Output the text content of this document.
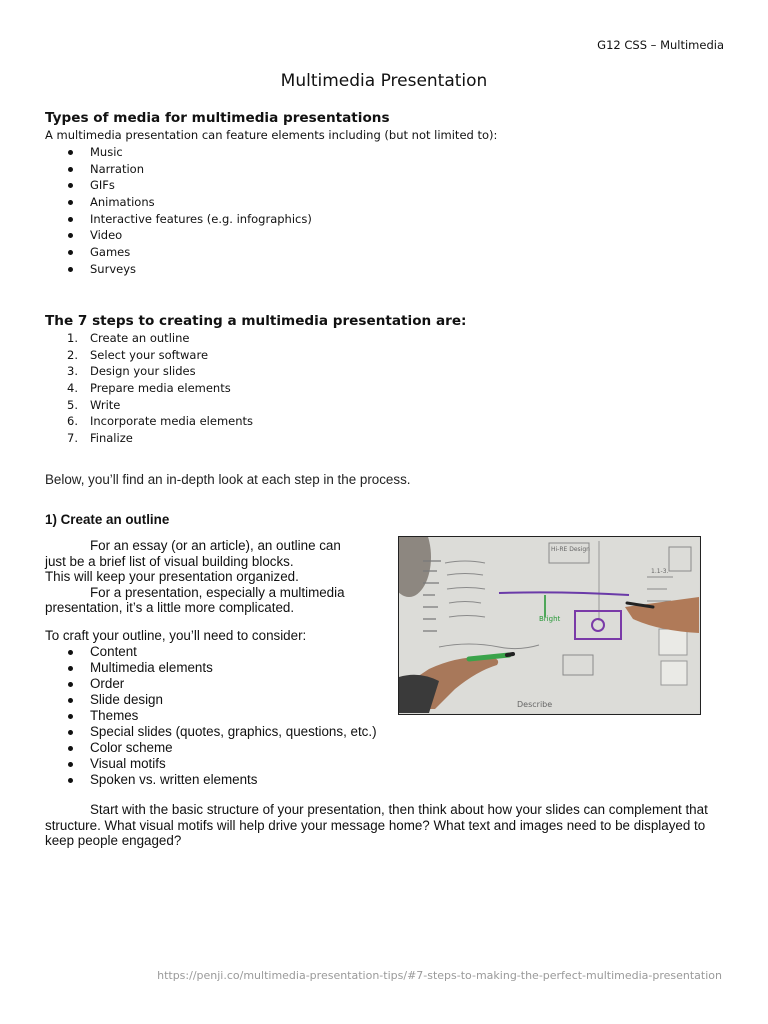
G12 CSS – Multimedia
Multimedia Presentation
Types of media for multimedia presentations

A multimedia presentation can feature elements including (but not limited to):

Music
Narration
GIFs
Animations
Interactive features (e.g. infographics)
Video
Games
Surveys
The 7 steps to creating a multimedia presentation are:
1. Create an outline
2. Select your software
3. Design your slides
4. Prepare media elements
5. Write
6. Incorporate media elements
7. Finalize
Below, you’ll find an in-depth look at each step in the process.
1) Create an outline

For an essay (or an article), an outline can

just be a brief list of visual building blocks.

This will keep your presentation organized.

For a presentation, especially a multimedia

presentation, it’s a little more complicated.

Hi-RE Design
1.1-3.
Bright
Describe
To craft your outline, you’ll need to consider:
Content
Multimedia elements
Order
Slide design
Themes
Special slides (quotes, graphics, questions, etc.)
Color scheme
Visual motifs
Spoken vs. written elements

Start with the basic structure of your presentation, then think about how your slides can complement that structure. What visual motifs will help drive your message home? What text and images need to be displayed to keep people engaged?

https://penji.co/multimedia-presentation-tips/#7-steps-to-making-the-perfect-multimedia-presentation
